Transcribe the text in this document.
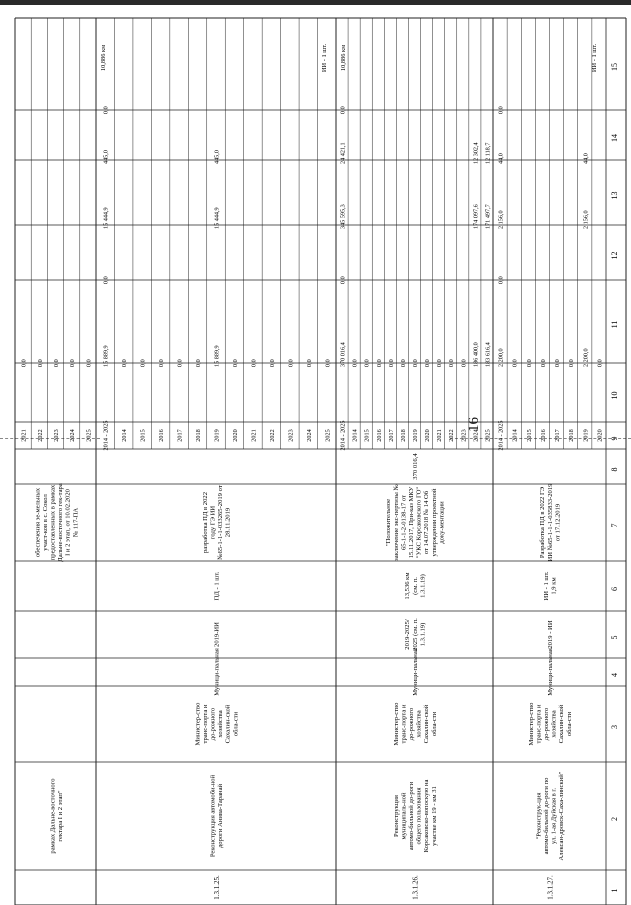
16
1
2
3
4
5
6
7
8
9
10
11
12
13
14
15
рамках Дальне-восточного гектара І и 2 этап"
обеспечения зе-мельных участ-ков в с. Сокол предоставленных в рамках Дальне-восточного гек-тара І и 2 этап, от 10.02.2020 № 117-ПА
2021
0,0
2022
0,0
2023
0,0
2024
0,0
2025
0,0
1.3.1.25.
Реконструкция автомоби-ной дороги Анива-Таранай
Министер-ство транс-порта и до-рожного хозяйства Сахалин-ской обла-сти
Муници-пальная
2019-ИИ
ПД - 1 шт.
разработка ПД в 2022 году ГЭ ИИ №65-1-1-1-033265-2019 от 28.11.2019
2014 - 2025
15 889,9
0,0
15 444,9
445,0
0,0
2014
0,0
2015
0,0
2016
0,0
2017
0,0
2018
0,0
2019
15 889,9
15 444,9
445,0
2020
0,0
2021
0,0
2022
0,0
2023
0,0
2024
0,0
2025
0,0
10,886 км	ИИ - 1 шт.
1.3.1.26.
Реконструкция муниципаль-ной автомо-бильной до-роги общего пользования Корсаковско-вопоскую на участке км 19 - км 31
Министер-ство транс-порта и до-рожного хозяйства Сахалин-ской обла-сти
Муници-пальная
2019-2025/ 2025 (см. п. 1.3.1.19)
13,536 км (см. п. 1.3.1.19)
"Положительное заключение экс-пертизы № 65-1-1-2-0138-17 от 15.11.2017, При-каз МКУ "УКС Корсаковского ГО" от 14.07.2018 № 14 Об утверждении проектной доку-ментации
370 016,4
2014 - 2025
370 016,4
0,0
345 595,3
24 421,1
0,0
2014
0,0
2015
0,0
2016
0,0
2017
0,0
2018
0,0
2019
0,0
2020
0,0
2021
0,0
2022
0,0
2023
0,0
2024
186 400,0
174 097,6
12 302,4
2025
183 616,4
171 497,7
12 118,7
10,886 км
1.3.1.27.
"Реконструк-ция автомо-бильной до-роги по ул. 1-ая Дуйская в г. Алексан-дровск-Саха-линский"
Министер-ство транс-порта и до-рожного хозяйства Сахалин-ской обла-сти
Муници-пальная
2019 - ИИ
ИИ - 1 шт. 1,9 км
Разработка ПД в 2022 ГЭ ИИ №65-1-1-1-035833-2019 от 17.12.2019
2014 - 2025
2 200,0
0,0
2 156,0
44,0
0,0
2014
0,0
2015
0,0
2016
0,0
2017
0,0
2018
0,0
2019
2 200,0
2 156,0
44,0
2020
0,0
ИИ - 1 шт.
